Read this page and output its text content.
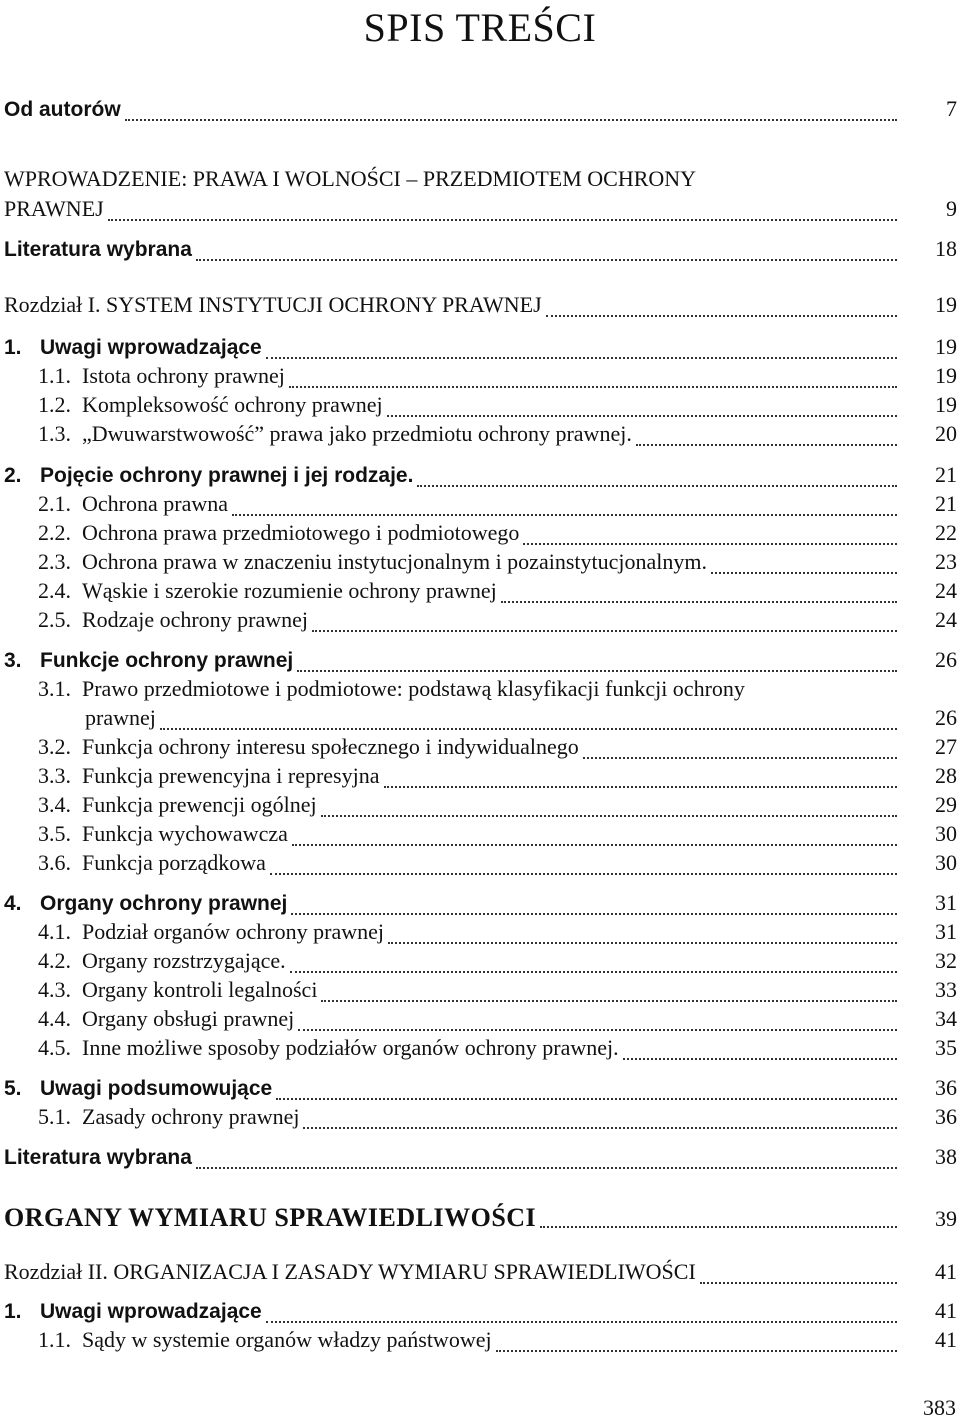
SPIS TREŚCI
Od autorów	7
WPROWADZENIE: PRAWA I WOLNOŚCI – PRZEDMIOTEM OCHRONY
PRAWNEJ	9
Literatura wybrana	18
Rozdział I. SYSTEM INSTYTUCJI OCHRONY PRAWNEJ	19
1. Uwagi wprowadzające	19
1.1. Istota ochrony prawnej	19
1.2. Kompleksowość ochrony prawnej	19
1.3. „Dwuwarstwowość” prawa jako przedmiotu ochrony prawnej.	20
2. Pojęcie ochrony prawnej i jej rodzaje.	21
2.1. Ochrona prawna	21
2.2. Ochrona prawa przedmiotowego i podmiotowego	22
2.3. Ochrona prawa w znaczeniu instytucjonalnym i pozainstytucjonalnym.	23
2.4. Wąskie i szerokie rozumienie ochrony prawnej	24
2.5. Rodzaje ochrony prawnej	24
3. Funkcje ochrony prawnej	26
3.1. Prawo przedmiotowe i podmiotowe: podstawą klasyfikacji funkcji ochrony
prawnej	26
3.2. Funkcja ochrony interesu społecznego i indywidualnego	27
3.3. Funkcja prewencyjna i represyjna	28
3.4. Funkcja prewencji ogólnej	29
3.5. Funkcja wychowawcza	30
3.6. Funkcja porządkowa	30
4. Organy ochrony prawnej	31
4.1. Podział organów ochrony prawnej	31
4.2. Organy rozstrzygające.	32
4.3. Organy kontroli legalności	33
4.4. Organy obsługi prawnej	34
4.5. Inne możliwe sposoby podziałów organów ochrony prawnej.	35
5. Uwagi podsumowujące	36
5.1. Zasady ochrony prawnej	36
Literatura wybrana	38
ORGANY WYMIARU SPRAWIEDLIWOŚCI	39
Rozdział II. ORGANIZACJA I ZASADY WYMIARU SPRAWIEDLIWOŚCI	41
1. Uwagi wprowadzające	41
1.1. Sądy w systemie organów władzy państwowej	41
383
